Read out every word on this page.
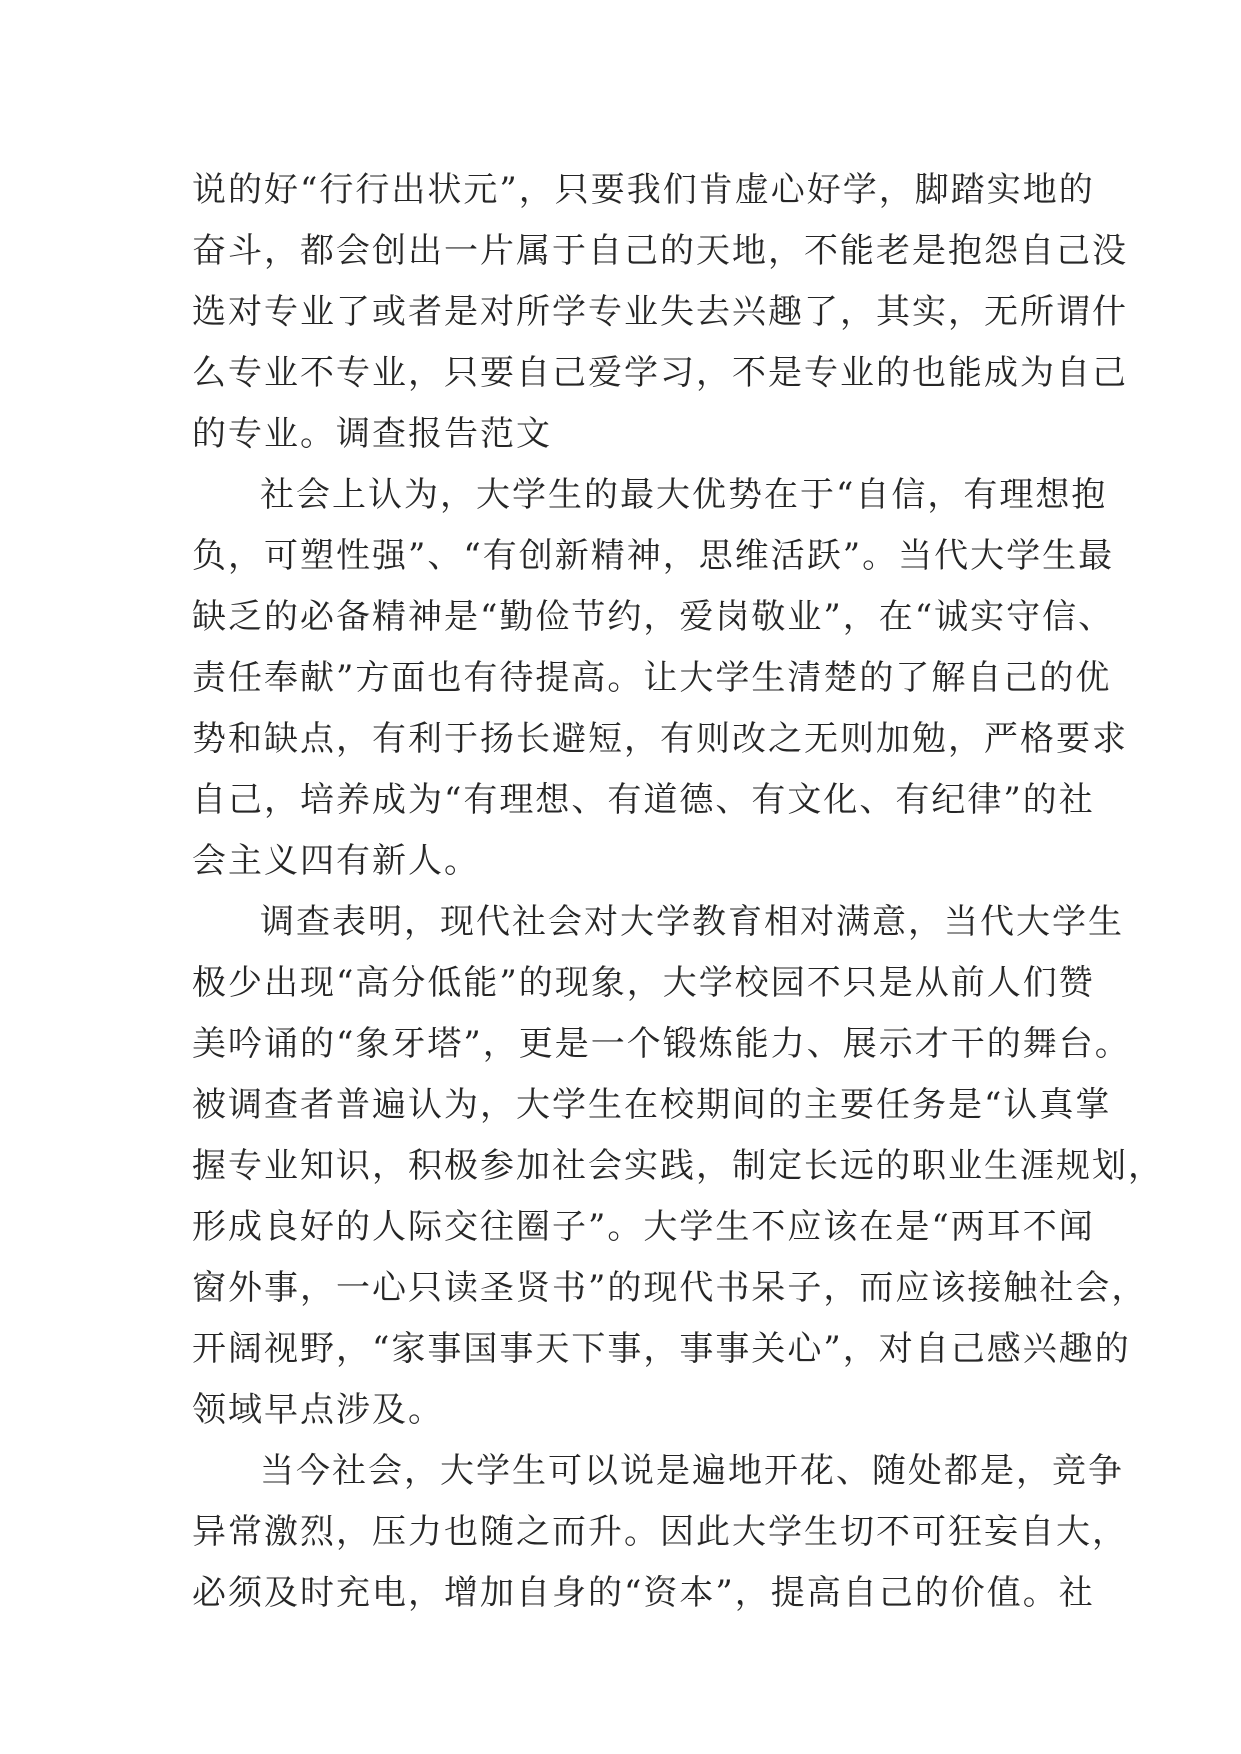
说的好“行行出状元”，只要我们肯虚心好学，脚踏实地的
奋斗，都会创出一片属于自己的天地，不能老是抱怨自己没
选对专业了或者是对所学专业失去兴趣了，其实，无所谓什
么专业不专业，只要自己爱学习，不是专业的也能成为自己
的专业。调查报告范文
社会上认为，大学生的最大优势在于“自信，有理想抱
负，可塑性强”、“有创新精神，思维活跃”。当代大学生最
缺乏的必备精神是“勤俭节约，爱岗敬业”，在“诚实守信、
责任奉献”方面也有待提高。让大学生清楚的了解自己的优
势和缺点，有利于扬长避短，有则改之无则加勉，严格要求
自己，培养成为“有理想、有道德、有文化、有纪律”的社
会主义四有新人。
调查表明，现代社会对大学教育相对满意，当代大学生
极少出现“高分低能”的现象，大学校园不只是从前人们赞
美吟诵的“象牙塔”，更是一个锻炼能力、展示才干的舞台。
被调查者普遍认为，大学生在校期间的主要任务是“认真掌
握专业知识，积极参加社会实践，制定长远的职业生涯规划，
形成良好的人际交往圈子”。大学生不应该在是“两耳不闻
窗外事，一心只读圣贤书”的现代书呆子，而应该接触社会，
开阔视野，“家事国事天下事，事事关心”，对自己感兴趣的
领域早点涉及。
当今社会，大学生可以说是遍地开花、随处都是，竞争
异常激烈，压力也随之而升。因此大学生切不可狂妄自大，
必须及时充电，增加自身的“资本”，提高自己的价值。社
